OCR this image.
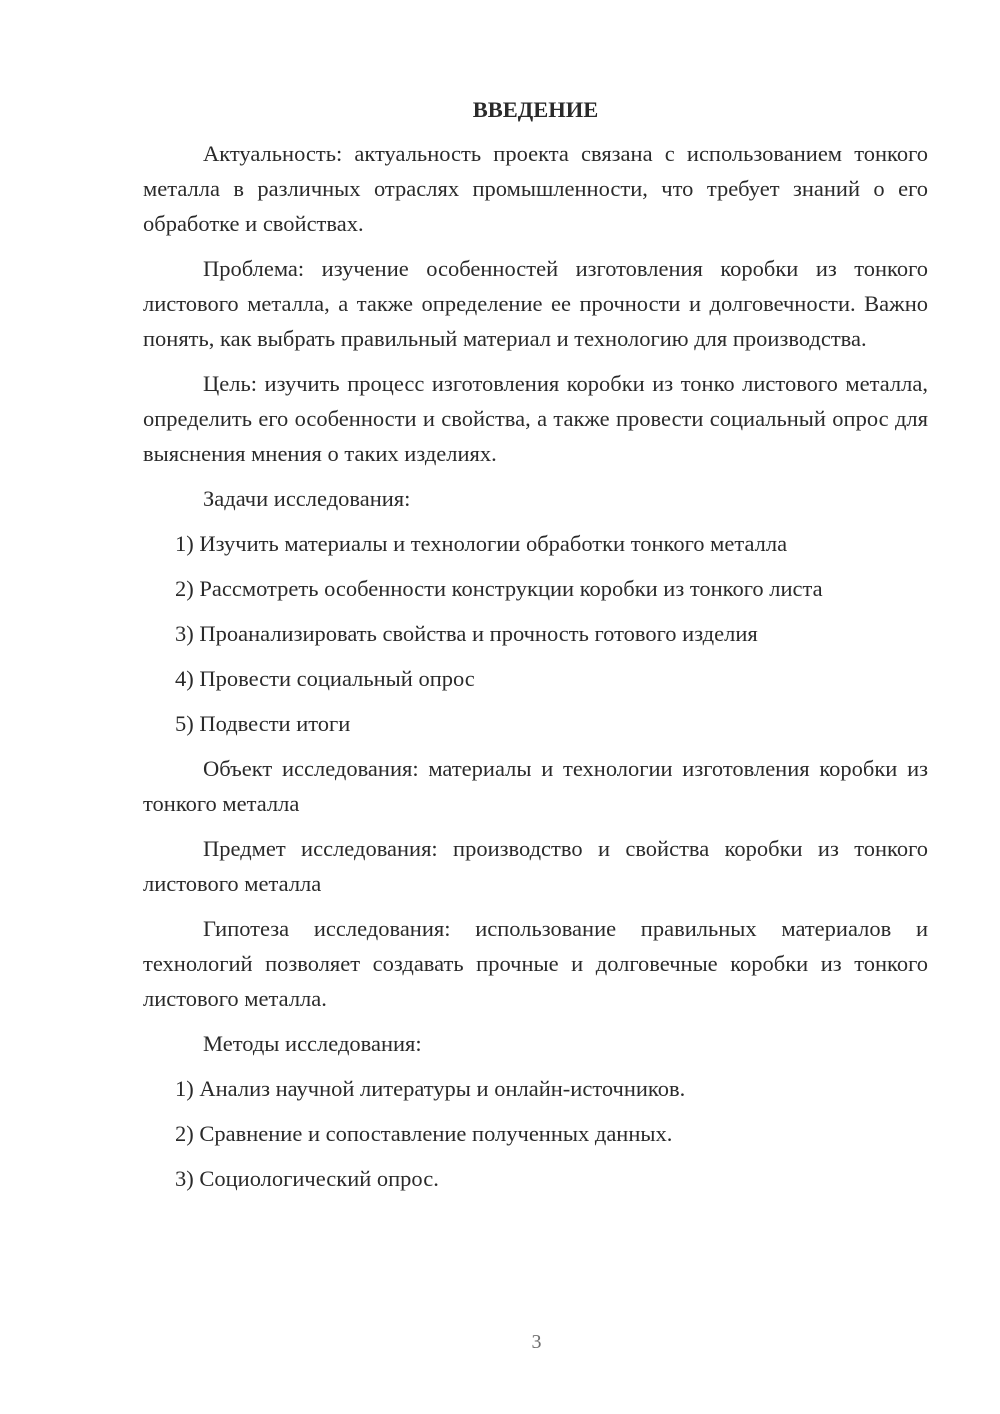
ВВЕДЕНИЕ

Актуальность: актуальность проекта связана с использованием тонкого металла в различных отраслях промышленности, что требует знаний о его обработке и свойствах.

Проблема: изучение особенностей изготовления коробки из тонкого листового металла, а также определение ее прочности и долговечности. Важно понять, как выбрать правильный материал и технологию для производства.

Цель: изучить процесс изготовления коробки из тонко листового металла, определить его особенности и свойства, а также провести социальный опрос для выяснения мнения о таких изделиях.

Задачи исследования:

1) Изучить материалы и технологии обработки тонкого металла
2) Рассмотреть особенности конструкции коробки из тонкого листа
3) Проанализировать свойства и прочность готового изделия
4) Провести социальный опрос
5) Подвести итоги

Объект исследования: материалы и технологии изготовления коробки из тонкого металла

Предмет исследования: производство и свойства коробки из тонкого листового металла

Гипотеза исследования: использование правильных материалов и технологий позволяет создавать прочные и долговечные коробки из тонкого листового металла.

Методы исследования:

1) Анализ научной литературы и онлайн-источников.
2) Сравнение и сопоставление полученных данных.
3) Социологический опрос.
3
